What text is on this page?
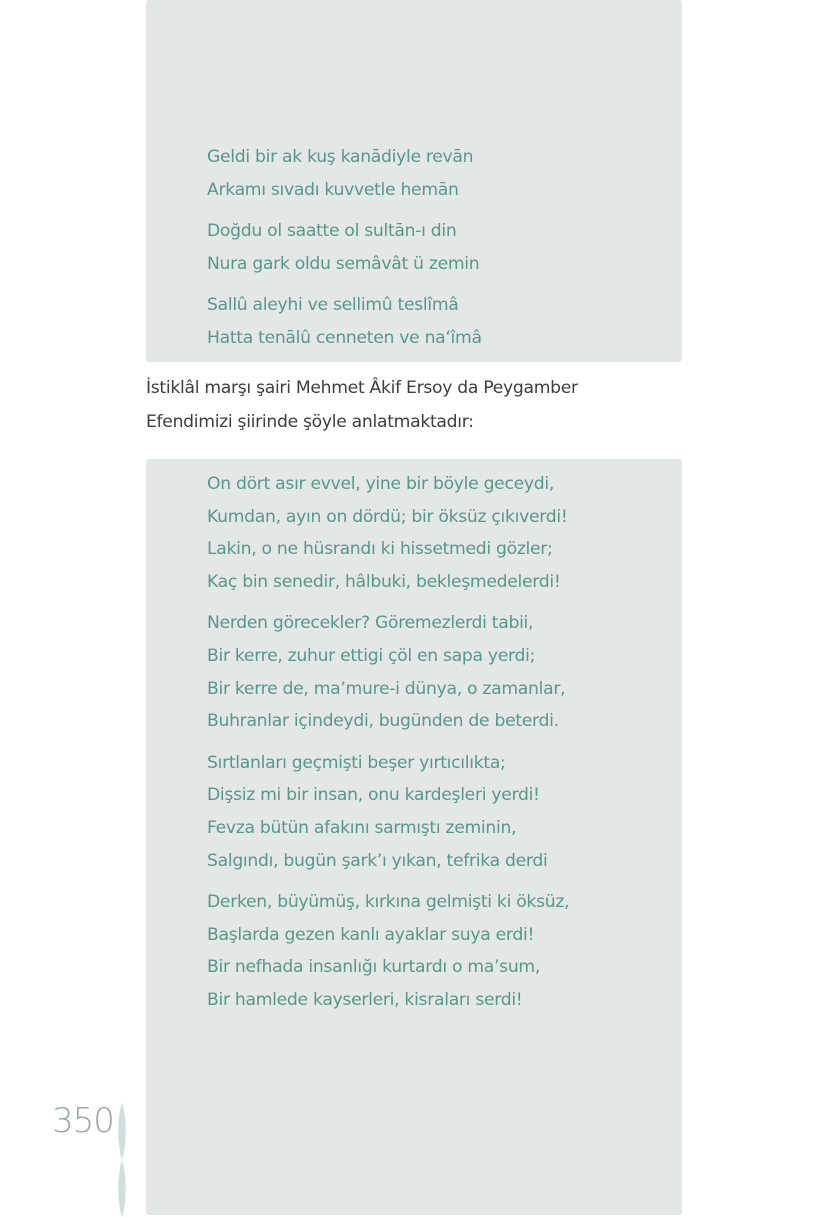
Geldi bir ak kuş kanādiyle revān
Arkamı sıvadı kuvvetle hemān
Doğdu ol saatte ol sultān-ı din
Nura gark oldu semâvât ü zemin
Sallû aleyhi ve sellimû teslîmâ
Hatta tenālû cenneten ve na‘îmâ
İstiklâl marşı şairi Mehmet Âkif Ersoy da Peygamber
Efendimizi şiirinde şöyle anlatmaktadır:
On dört asır evvel, yine bir böyle geceydi,
Kumdan, ayın on dördü; bir öksüz çıkıverdi!
Lakin, o ne hüsrandı ki hissetmedi gözler;
Kaç bin senedir, hâlbuki, bekleşmedelerdi!
Nerden görecekler? Göremezlerdi tabii,
Bir kerre, zuhur ettigi çöl en sapa yerdi;
Bir kerre de, ma’mure-i dünya, o zamanlar,
Buhranlar içindeydi, bugünden de beterdi.
Sırtlanları geçmişti beşer yırtıcılıkta;
Dişsiz mi bir insan, onu kardeşleri yerdi!
Fevza bütün afakını sarmıştı zeminin,
Salgındı, bugün şark’ı yıkan, tefrika derdi
Derken, büyümüş, kırkına gelmişti ki öksüz,
Başlarda gezen kanlı ayaklar suya erdi!
Bir nefhada insanlığı kurtardı o ma’sum,
Bir hamlede kayserleri, kisraları serdi!
350
